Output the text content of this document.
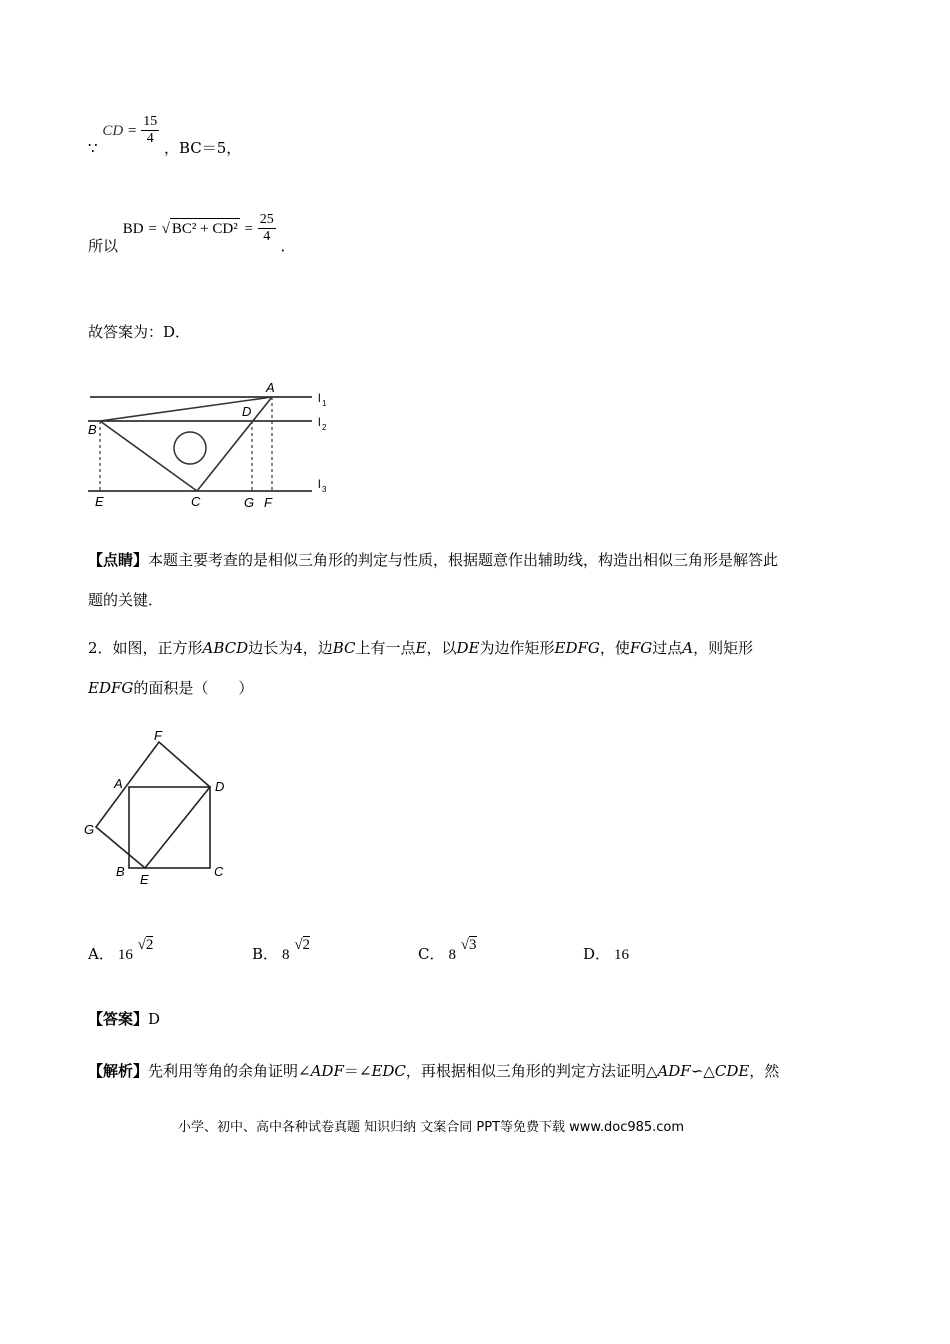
∵ CD = $\frac{15}{4}$
，BC＝5，
所以 BD = √ $BC^2 + CD^2 = \frac{25}{4}$
．
故答案为：D．
A
D
B
C
E	G F
l 1
l 2
l 3
【点睛】本题主要考查的是相似三角形的判定与性质，根据题意作出辅助线，构造出相似三角形是解答此
题的关键．
2．如图，正方形ABCD边长为4，边BC上有一点E，以DE为边作矩形EDFG，使FG过点A，则矩形
EDFG的面积是（　　）
F
A	D
G
B
E
C
A． 16 √2	B． 8 √2	C． 8 √3	D． 16
【答案】D
【解析】先利用等角的余角证明∠ADF＝∠EDC，再根据相似三角形的判定方法证明△ADF∽△CDE，然
小学、初中、高中各种试卷真题 知识归纳 文案合同 PPT等免费下载 www.doc985.com
